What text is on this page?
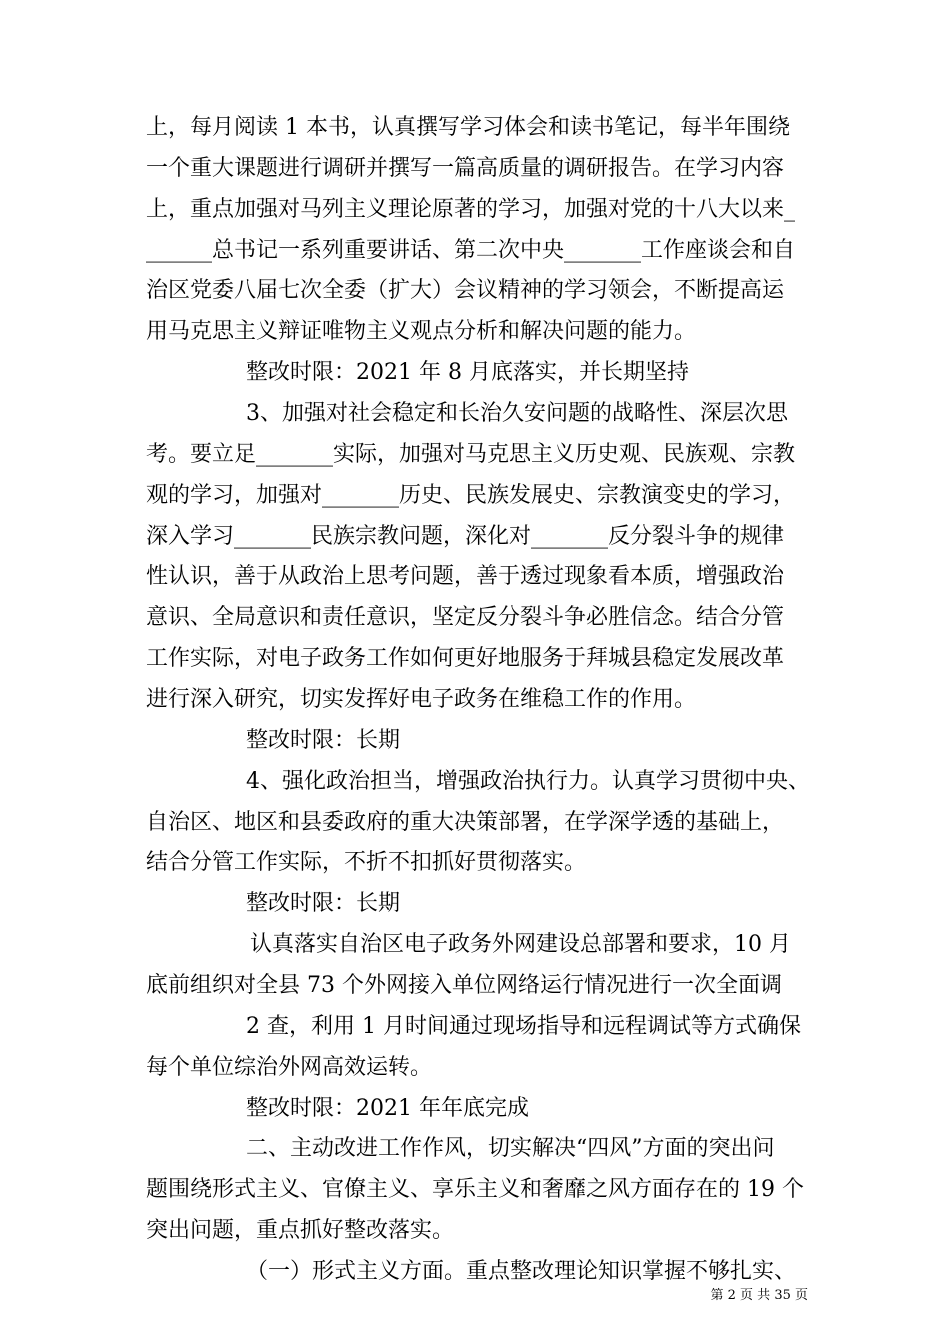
上，每月阅读 1 本书，认真撰写学习体会和读书笔记，每半年围绕
一个重大课题进行调研并撰写一篇高质量的调研报告。在学习内容
上，重点加强对马列主义理论原著的学习，加强对党的十八大以来_
______总书记一系列重要讲话、第二次中央_______工作座谈会和自
治区党委八届七次全委（扩大）会议精神的学习领会，不断提高运
用马克思主义辩证唯物主义观点分析和解决问题的能力。
整改时限：2021 年 8 月底落实，并长期坚持
3、加强对社会稳定和长治久安问题的战略性、深层次思
考。要立足_______实际，加强对马克思主义历史观、民族观、宗教
观的学习，加强对_______历史、民族发展史、宗教演变史的学习，
深入学习_______民族宗教问题，深化对_______反分裂斗争的规律
性认识，善于从政治上思考问题，善于透过现象看本质，增强政治
意识、全局意识和责任意识，坚定反分裂斗争必胜信念。结合分管
工作实际，对电子政务工作如何更好地服务于拜城县稳定发展改革
进行深入研究，切实发挥好电子政务在维稳工作的作用。
整改时限：长期
4、强化政治担当，增强政治执行力。认真学习贯彻中央、
自治区、地区和县委政府的重大决策部署，在学深学透的基础上，
结合分管工作实际，不折不扣抓好贯彻落实。
整改时限：长期
认真落实自治区电子政务外网建设总部署和要求，10 月
底前组织对全县 73 个外网接入单位网络运行情况进行一次全面调
2 查，利用 1 月时间通过现场指导和远程调试等方式确保
每个单位综治外网高效运转。
整改时限：2021 年年底完成
二、主动改进工作作风，切实解决“四风”方面的突出问
题围绕形式主义、官僚主义、享乐主义和奢靡之风方面存在的 19 个
突出问题，重点抓好整改落实。
（一）形式主义方面。重点整改理论知识掌握不够扎实、
第 2 页 共 35 页
